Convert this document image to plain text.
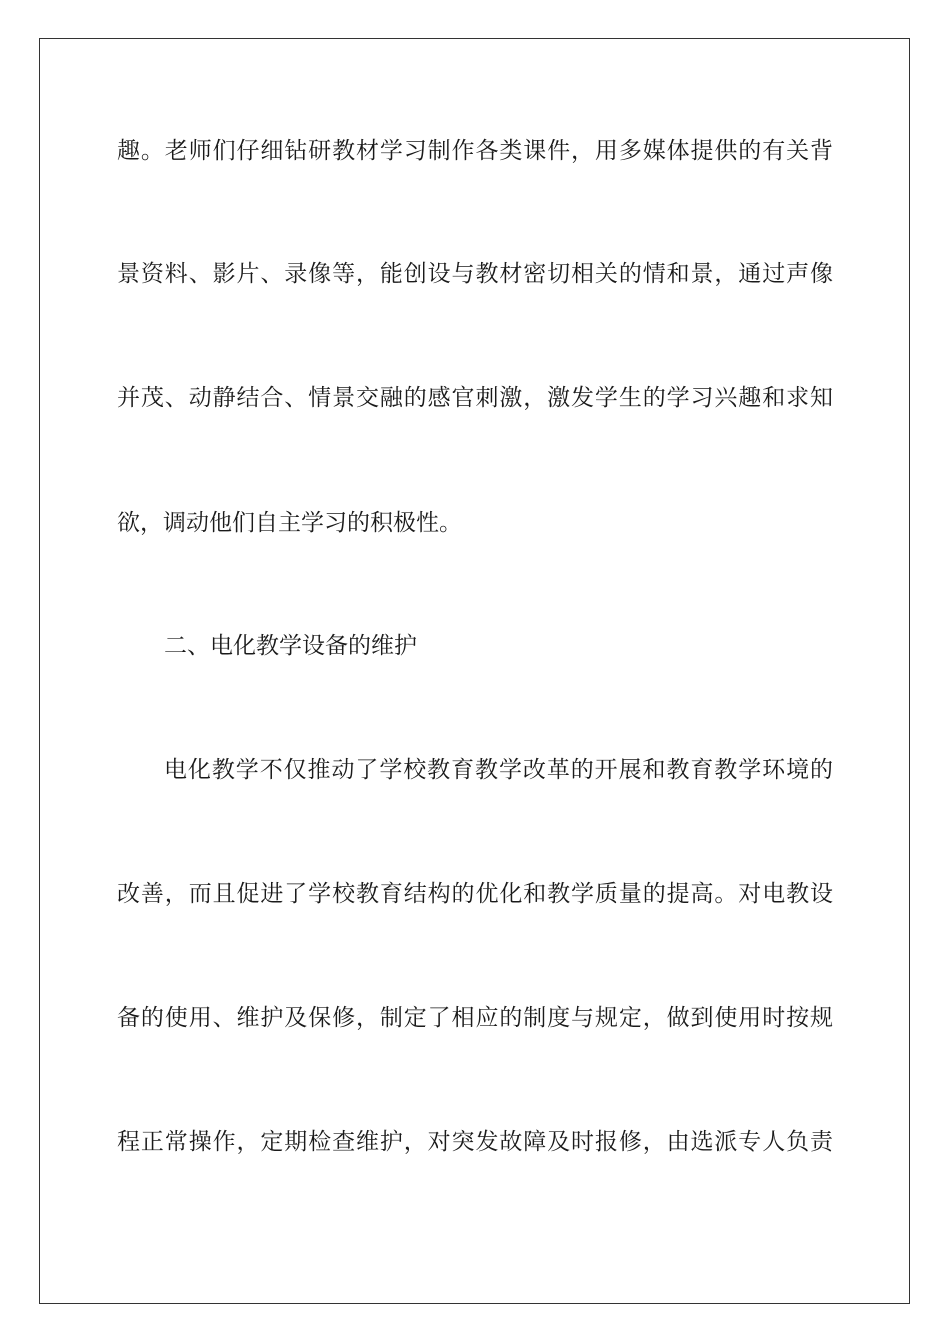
趣。老师们仔细钻研教材学习制作各类课件，用多媒体提供的有关背
景资料、影片、录像等，能创设与教材密切相关的情和景，通过声像
并茂、动静结合、情景交融的感官刺激，激发学生的学习兴趣和求知
欲，调动他们自主学习的积极性。
二、电化教学设备的维护
电化教学不仅推动了学校教育教学改革的开展和教育教学环境的
改善，而且促进了学校教育结构的优化和教学质量的提高。对电教设
备的使用、维护及保修，制定了相应的制度与规定，做到使用时按规
程正常操作，定期检查维护，对突发故障及时报修，由选派专人负责
